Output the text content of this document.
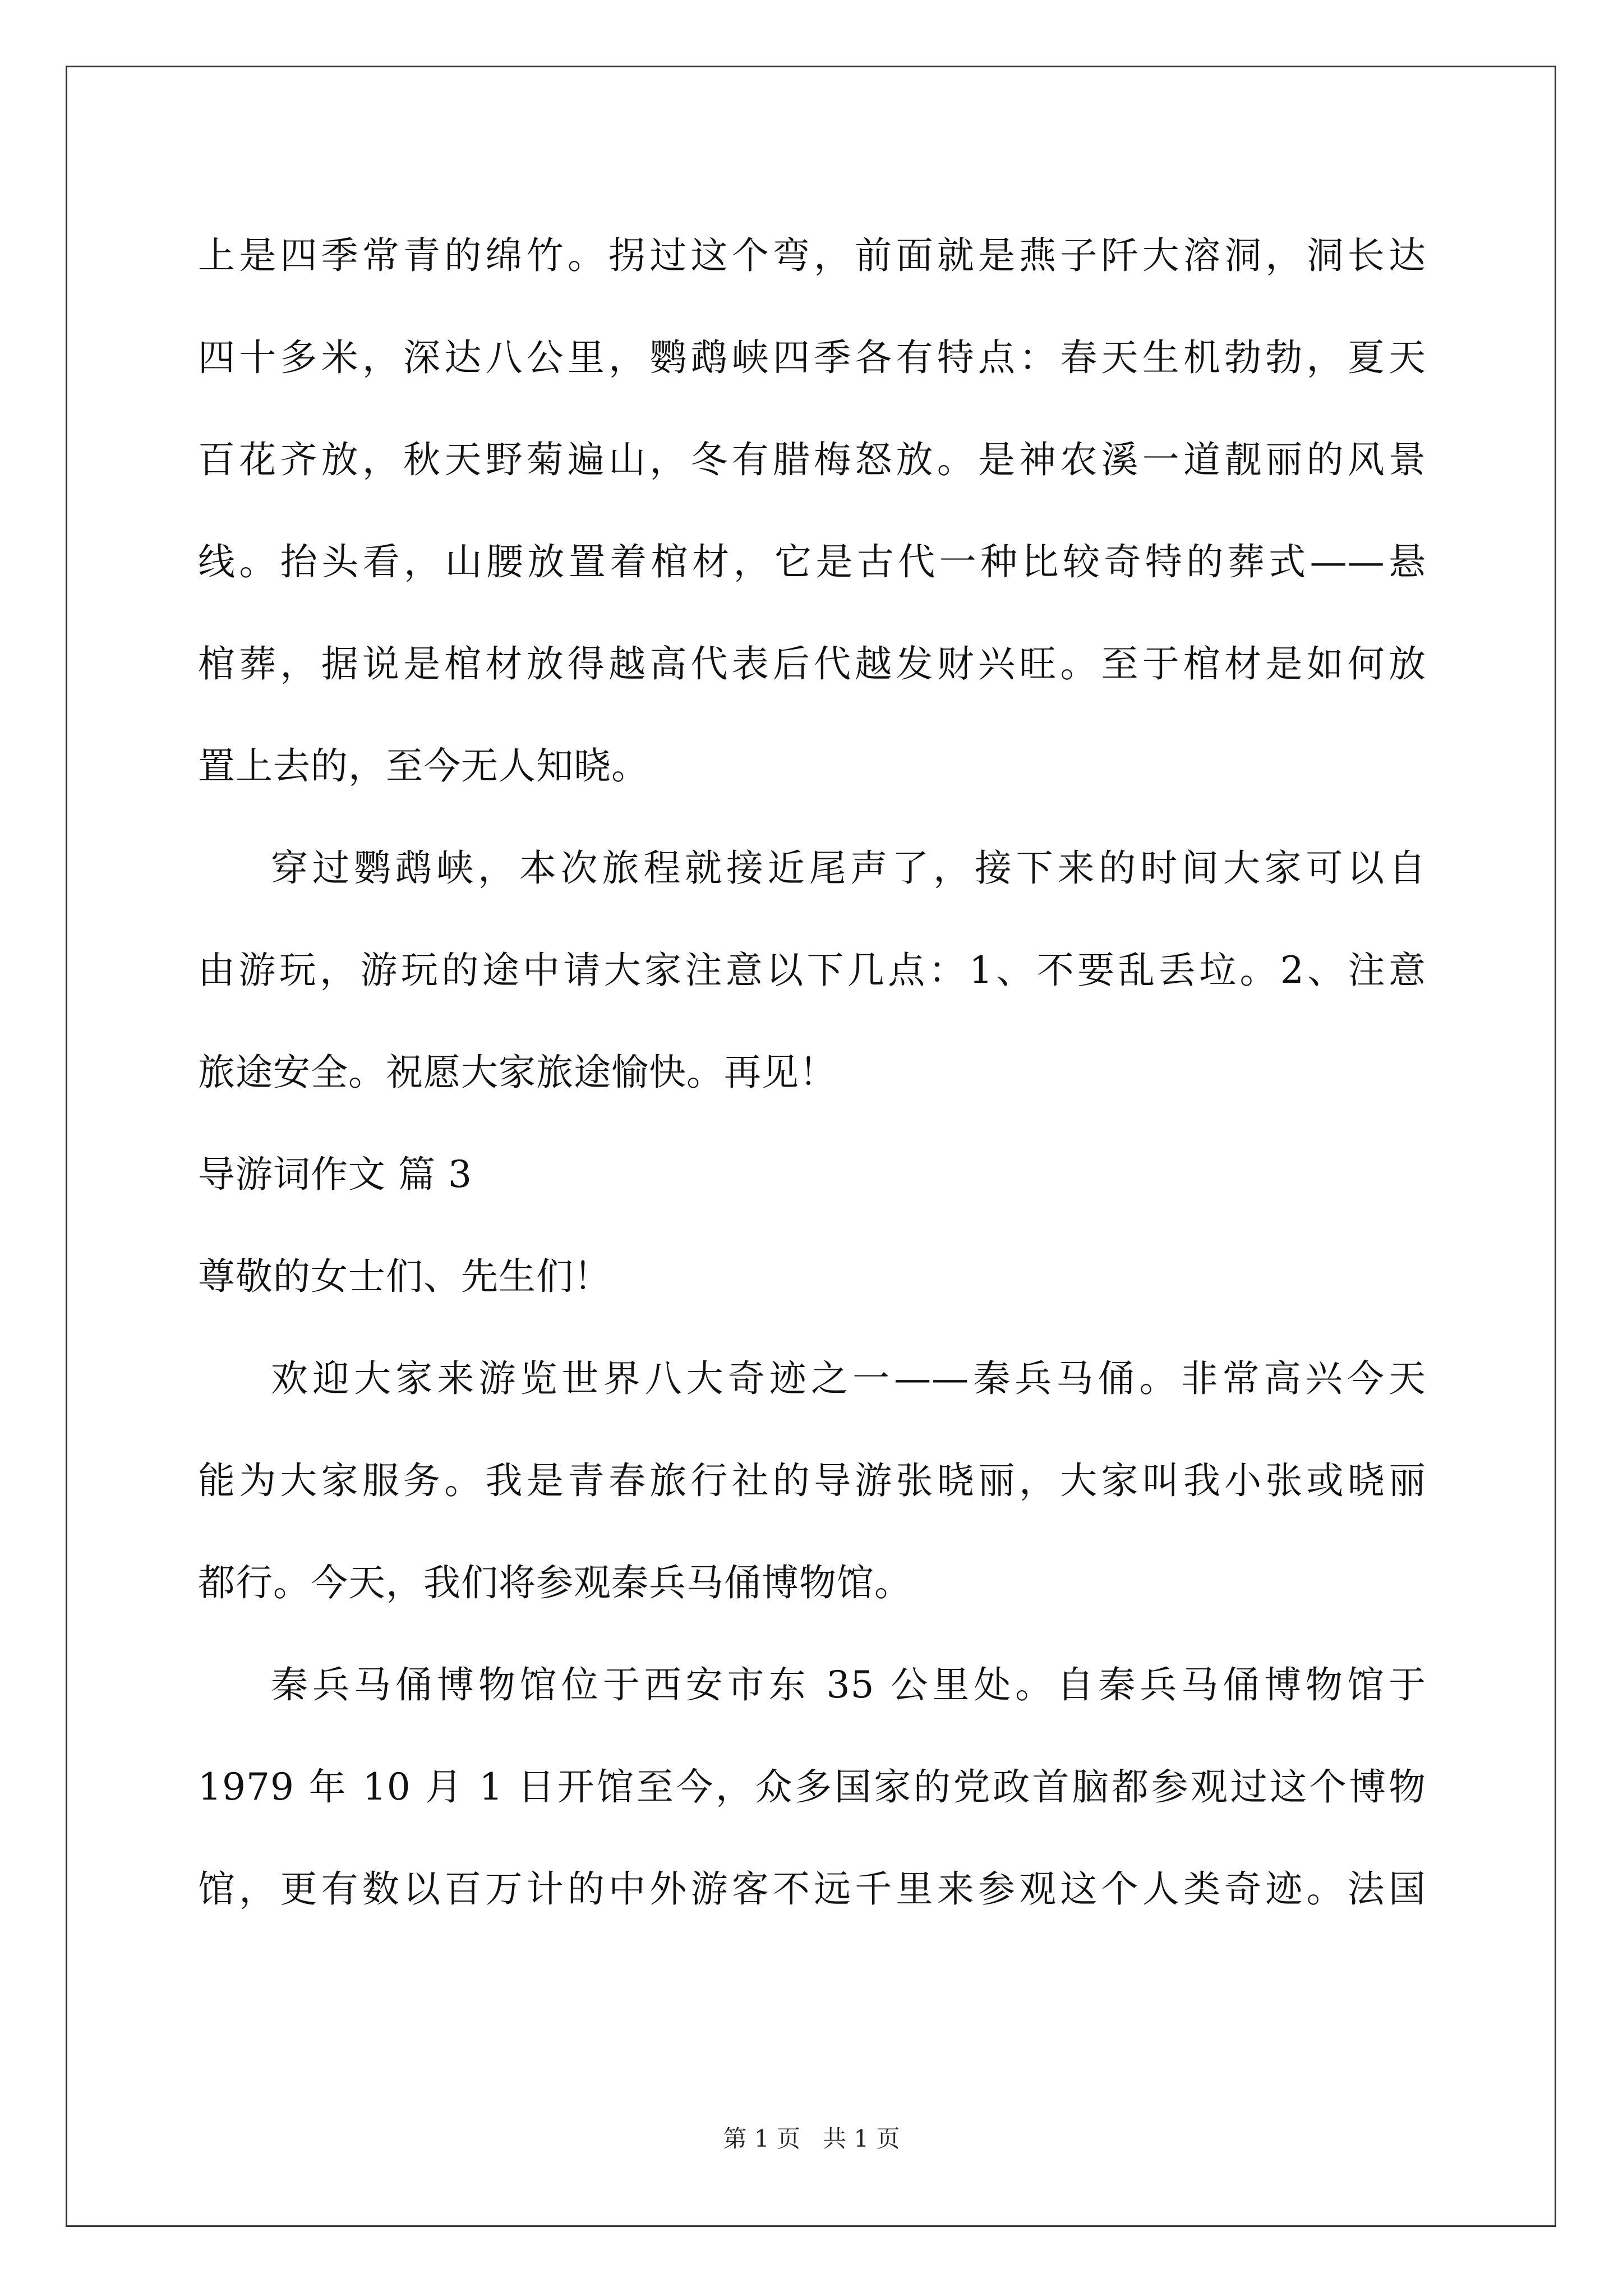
上是四季常青的绵竹。拐过这个弯，前面就是燕子阡大溶洞，洞长达
四十多米，深达八公里，鹦鹉峡四季各有特点：春天生机勃勃，夏天
百花齐放，秋天野菊遍山，冬有腊梅怒放。是神农溪一道靓丽的风景
线。抬头看，山腰放置着棺材，它是古代一种比较奇特的葬式——悬
棺葬，据说是棺材放得越高代表后代越发财兴旺。至于棺材是如何放
置上去的，至今无人知晓。
穿过鹦鹉峡，本次旅程就接近尾声了，接下来的时间大家可以自
由游玩，游玩的途中请大家注意以下几点：1、不要乱丢垃。2、注意
旅途安全。祝愿大家旅途愉快。再见！
导游词作文 篇 3
尊敬的女士们、先生们！
欢迎大家来游览世界八大奇迹之一——秦兵马俑。非常高兴今天
能为大家服务。我是青春旅行社的导游张晓丽，大家叫我小张或晓丽
都行。今天，我们将参观秦兵马俑博物馆。
秦兵马俑博物馆位于西安市东 35 公里处。自秦兵马俑博物馆于
1979 年 10 月 1 日开馆至今，众多国家的党政首脑都参观过这个博物
馆，更有数以百万计的中外游客不远千里来参观这个人类奇迹。法国
第 1 页   共 1 页
